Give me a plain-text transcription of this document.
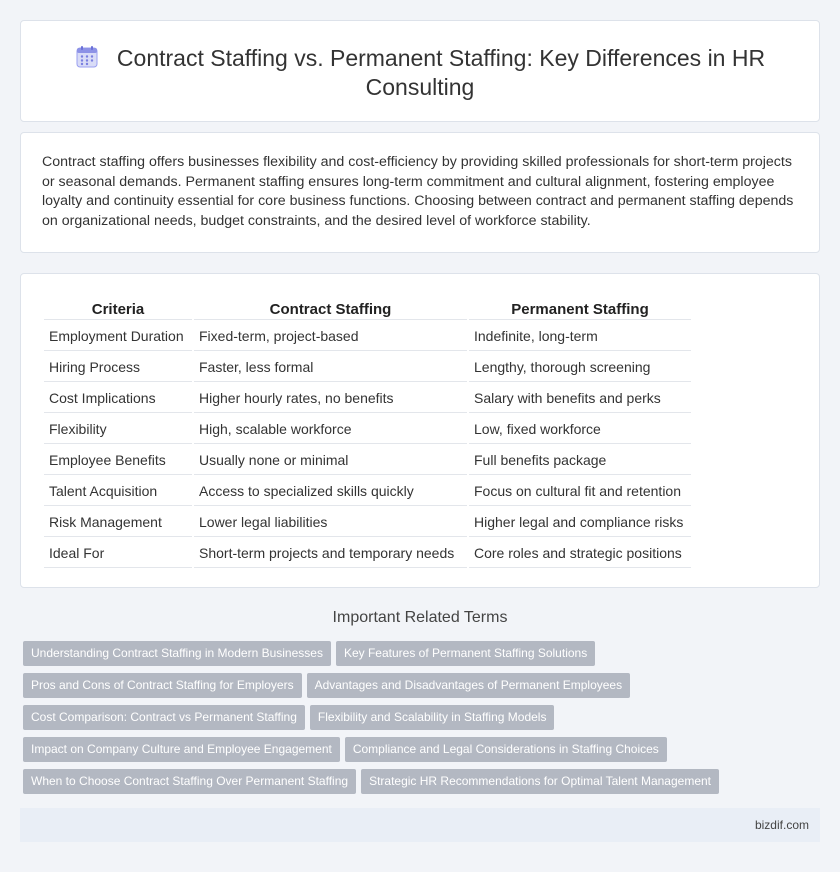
Contract Staffing vs. Permanent Staffing: Key Differences in HR Consulting

Contract staffing offers businesses flexibility and cost-efficiency by providing skilled professionals for short-term projects or seasonal demands. Permanent staffing ensures long-term commitment and cultural alignment, fostering employee loyalty and continuity essential for core business functions. Choosing between contract and permanent staffing depends on organizational needs, budget constraints, and the desired level of workforce stability.

Criteria	Contract Staffing	Permanent Staffing
Employment Duration	Fixed-term, project-based	Indefinite, long-term
Hiring Process	Faster, less formal	Lengthy, thorough screening
Cost Implications	Higher hourly rates, no benefits	Salary with benefits and perks
Flexibility	High, scalable workforce	Low, fixed workforce
Employee Benefits	Usually none or minimal	Full benefits package
Talent Acquisition	Access to specialized skills quickly	Focus on cultural fit and retention
Risk Management	Lower legal liabilities	Higher legal and compliance risks
Ideal For	Short-term projects and temporary needs	Core roles and strategic positions
Important Related Terms
Understanding Contract Staffing in Modern Businesses Key Features of Permanent Staffing Solutions
Pros and Cons of Contract Staffing for Employers Advantages and Disadvantages of Permanent Employees
Cost Comparison: Contract vs Permanent Staffing Flexibility and Scalability in Staffing Models
Impact on Company Culture and Employee Engagement Compliance and Legal Considerations in Staffing Choices
When to Choose Contract Staffing Over Permanent Staffing Strategic HR Recommendations for Optimal Talent Management
bizdif.com
